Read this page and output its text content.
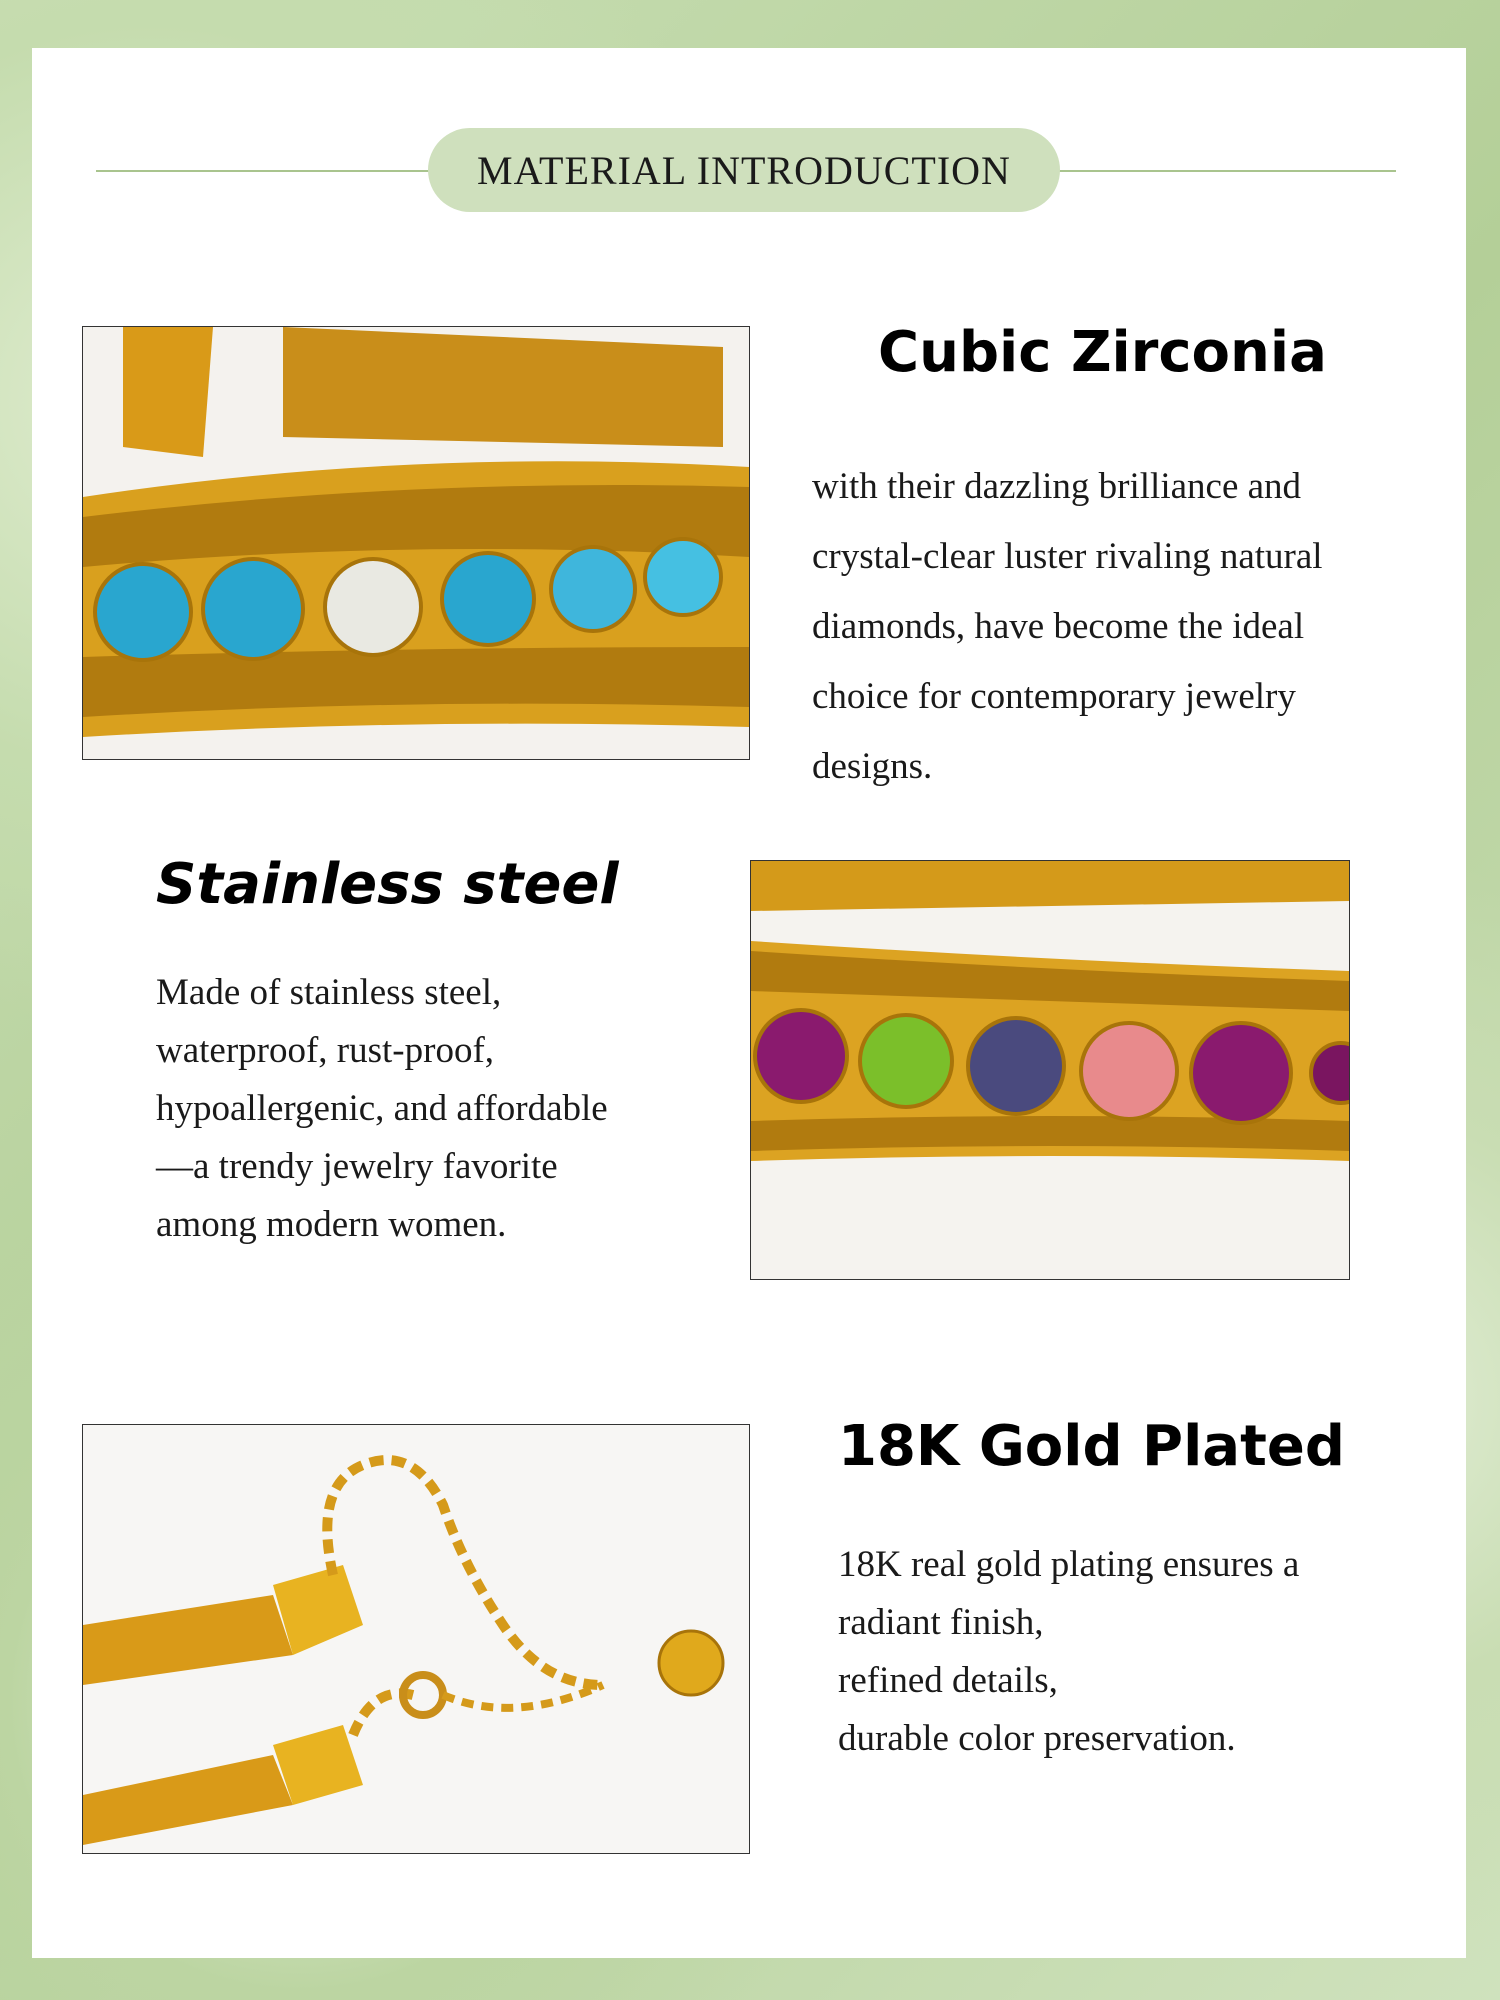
MATERIAL INTRODUCTION
Cubic Zirconia
with their dazzling brilliance and
crystal-clear luster rivaling natural
diamonds, have become the ideal
choice for contemporary jewelry
designs.
Stainless steel
Made of stainless steel,
waterproof, rust-proof,
hypoallergenic, and affordable
—a trendy jewelry favorite
among modern women.
18K Gold Plated
18K real gold plating ensures a
radiant finish,
refined details,
durable color preservation.
